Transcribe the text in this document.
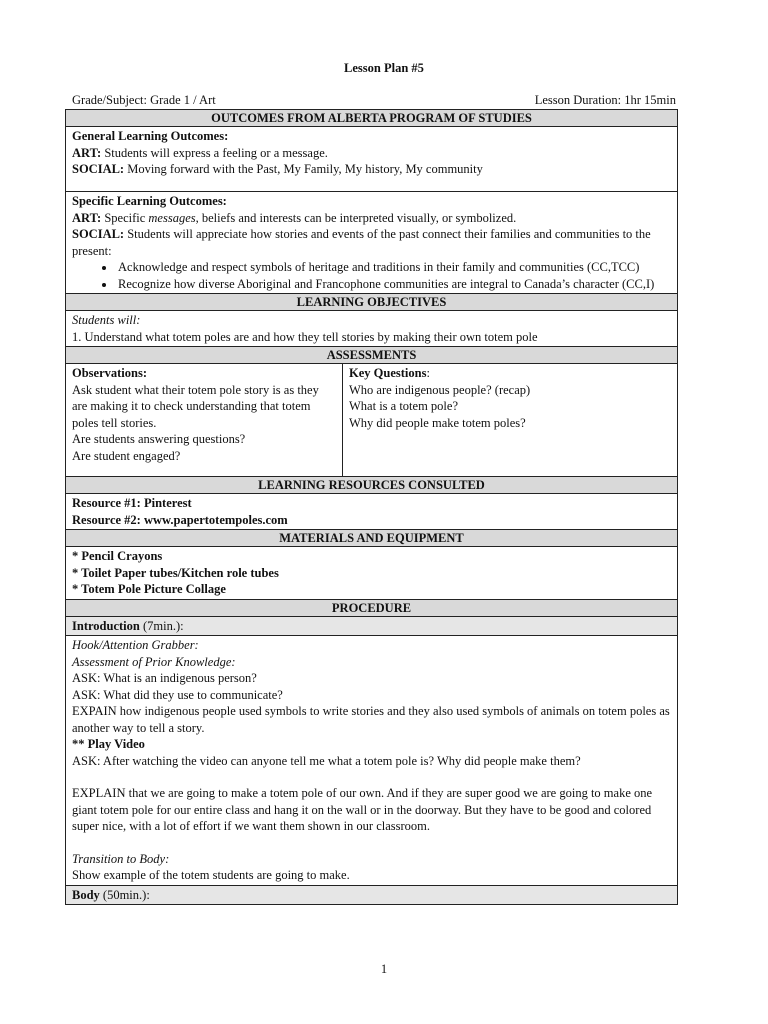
Lesson Plan #5
Grade/Subject: Grade 1 / Art	Lesson Duration: 1hr 15min
OUTCOMES FROM ALBERTA PROGRAM OF STUDIES

General Learning Outcomes:
ART: Students will express a feeling or a message.
SOCIAL: Moving forward with the Past, My Family, My history, My community

Specific Learning Outcomes:
ART: Specific messages, beliefs and interests can be interpreted visually, or symbolized.
SOCIAL: Students will appreciate how stories and events of the past connect their families and communities to the present:
• Acknowledge and respect symbols of heritage and traditions in their family and communities (CC,TCC)
• Recognize how diverse Aboriginal and Francophone communities are integral to Canada’s character (CC,I)

LEARNING OBJECTIVES

Students will:
1. Understand what totem poles are and how they tell stories by making their own totem pole

ASSESSMENTS

Observations:
Ask student what their totem pole story is as they are making it to check understanding that totem poles tell stories.
Are students answering questions?
Are student engaged?

Key Questions:
Who are indigenous people? (recap)
What is a totem pole?
Why did people make totem poles?

LEARNING RESOURCES CONSULTED

Resource #1: Pinterest
Resource #2: www.papertotempoles.com

MATERIALS AND EQUIPMENT

* Pencil Crayons
* Toilet Paper tubes/Kitchen role tubes
* Totem Pole Picture Collage

PROCEDURE
Introduction (7min.):

Hook/Attention Grabber:
Assessment of Prior Knowledge:
ASK: What is an indigenous person?
ASK: What did they use to communicate?
EXPAIN how indigenous people used symbols to write stories and they also used symbols of animals on totem poles as another way to tell a story.
** Play Video
ASK: After watching the video can anyone tell me what a totem pole is? Why did people make them?
EXPLAIN that we are going to make a totem pole of our own. And if they are super good we are going to make one giant totem pole for our entire class and hang it on the wall or in the doorway. But they have to be good and colored super nice, with a lot of effort if we want them shown in our classroom.
Transition to Body:
Show example of the totem students are going to make.

Body (50min.):
1
